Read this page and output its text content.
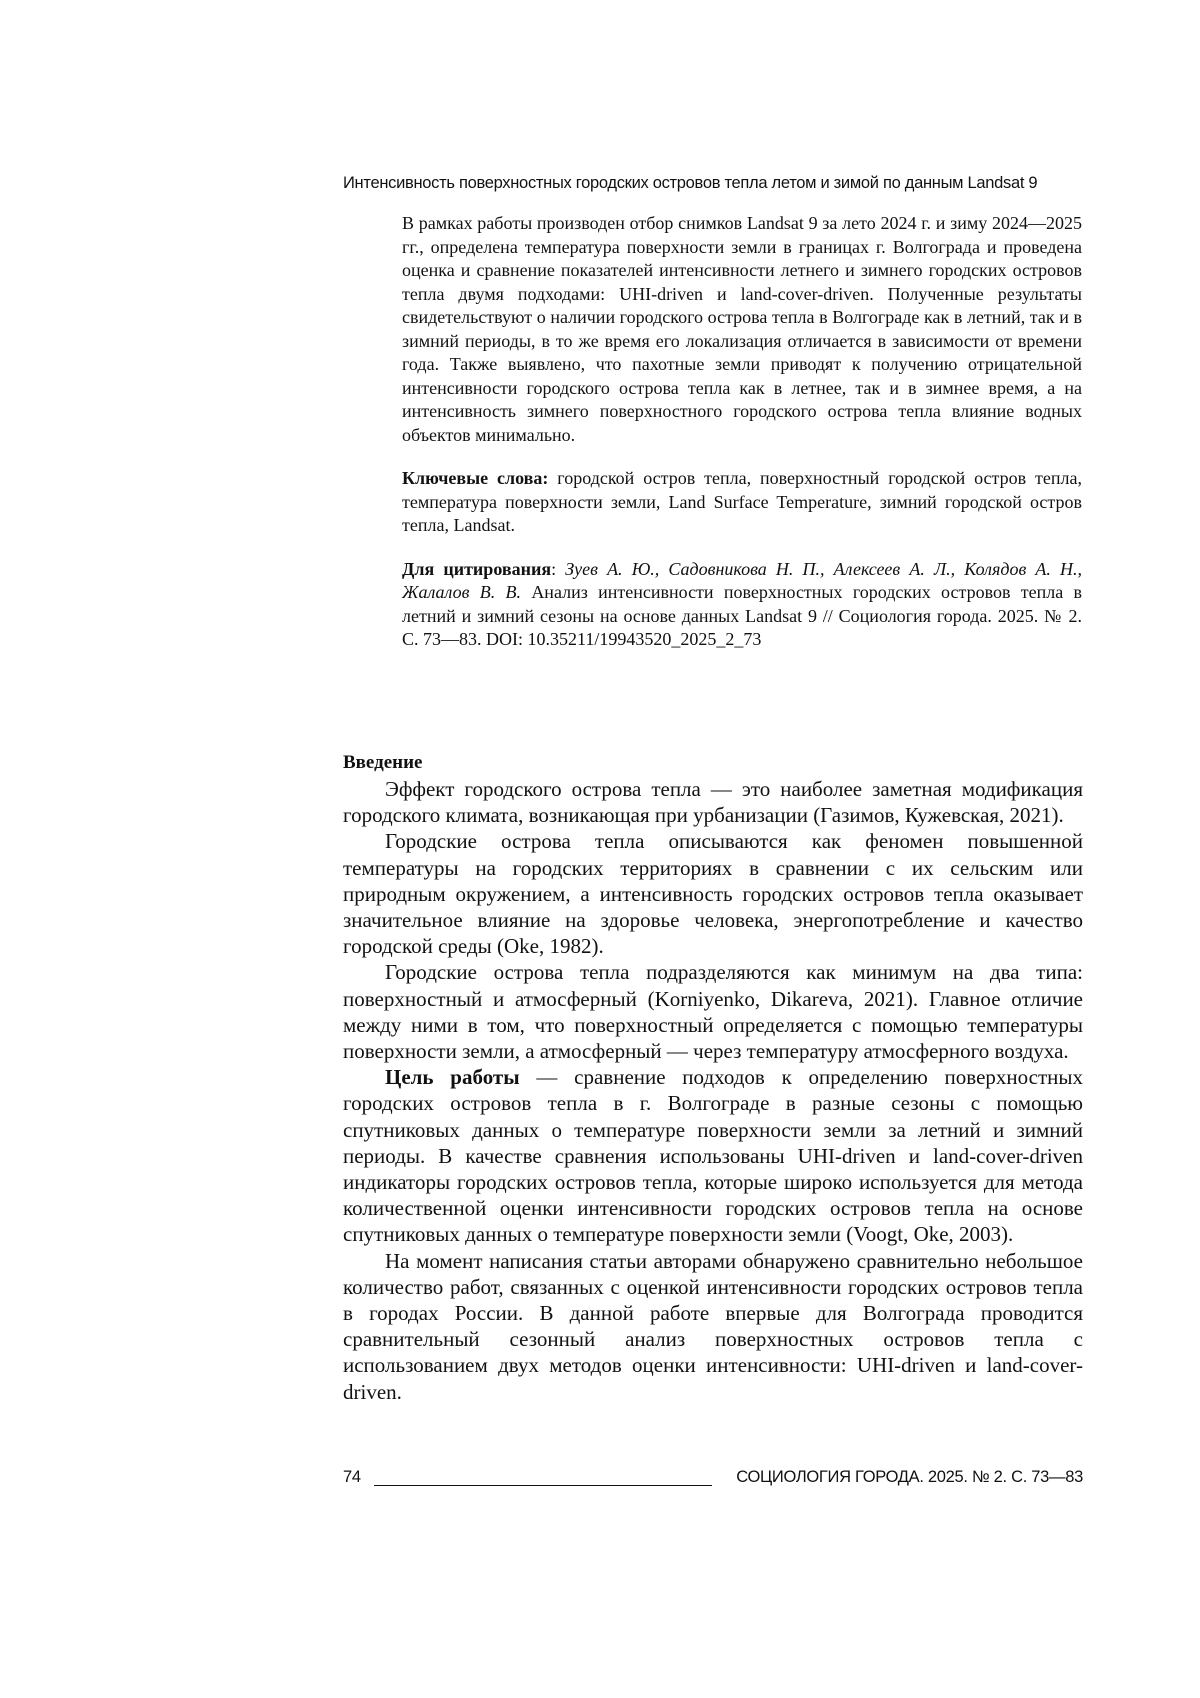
Интенсивность поверхностных городских островов тепла летом и зимой по данным Landsat 9

В рамках работы производен отбор снимков Landsat 9 за лето 2024 г. и зиму 2024—2025 гг., определена температура поверхности земли в границах г. Волгограда и проведена оценка и сравнение показателей интенсивности летнего и зимнего городских островов тепла двумя подходами: UHI-driven и land-cover-driven. Полученные результаты свидетельствуют о наличии городского острова тепла в Волгограде как в летний, так и в зимний периоды, в то же время его локализация отличается в зависимости от времени года. Также выявлено, что пахотные земли приводят к получению отрицательной интенсивности городского острова тепла как в летнее, так и в зимнее время, а на интенсивность зимнего поверхностного городского острова тепла влияние водных объектов минимально.

Ключевые слова: городской остров тепла, поверхностный городской остров тепла, температура поверхности земли, Land Surface Temperature, зимний городской остров тепла, Landsat.

Для цитирования: Зуев А. Ю., Садовникова Н. П., Алексеев А. Л., Колядов А. Н., Жалалов В. В. Анализ интенсивности поверхностных городских островов тепла в летний и зимний сезоны на основе данных Landsat 9 // Социология города. 2025. № 2. С. 73—83. DOI: 10.35211/19943520_2025_2_73

Введение

Эффект городского острова тепла — это наиболее заметная модификация городского климата, возникающая при урбанизации (Газимов, Кужевская, 2021).

Городские острова тепла описываются как феномен повышенной температуры на городских территориях в сравнении с их сельским или природным окружением, а интенсивность городских островов тепла оказывает значительное влияние на здоровье человека, энергопотребление и качество городской среды (Oke, 1982).

Городские острова тепла подразделяются как минимум на два типа: поверхностный и атмосферный (Korniyenko, Dikareva, 2021). Главное отличие между ними в том, что поверхностный определяется с помощью температуры поверхности земли, а атмосферный — через температуру атмосферного воздуха.

Цель работы — сравнение подходов к определению поверхностных городских островов тепла в г. Волгограде в разные сезоны с помощью спутниковых данных о температуре поверхности земли за летний и зимний периоды. В качестве сравнения использованы UHI-driven и land-cover-driven индикаторы городских островов тепла, которые широко используется для метода количественной оценки интенсивности городских островов тепла на основе спутниковых данных о температуре поверхности земли (Voogt, Oke, 2003).

На момент написания статьи авторами обнаружено сравнительно небольшое количество работ, связанных с оценкой интенсивности городских островов тепла в городах России. В данной работе впервые для Волгограда проводится сравнительный сезонный анализ поверхностных островов тепла с использованием двух методов оценки интенсивности: UHI-driven и land-cover-driven.

74	СОЦИОЛОГИЯ ГОРОДА. 2025. № 2. С. 73—83
